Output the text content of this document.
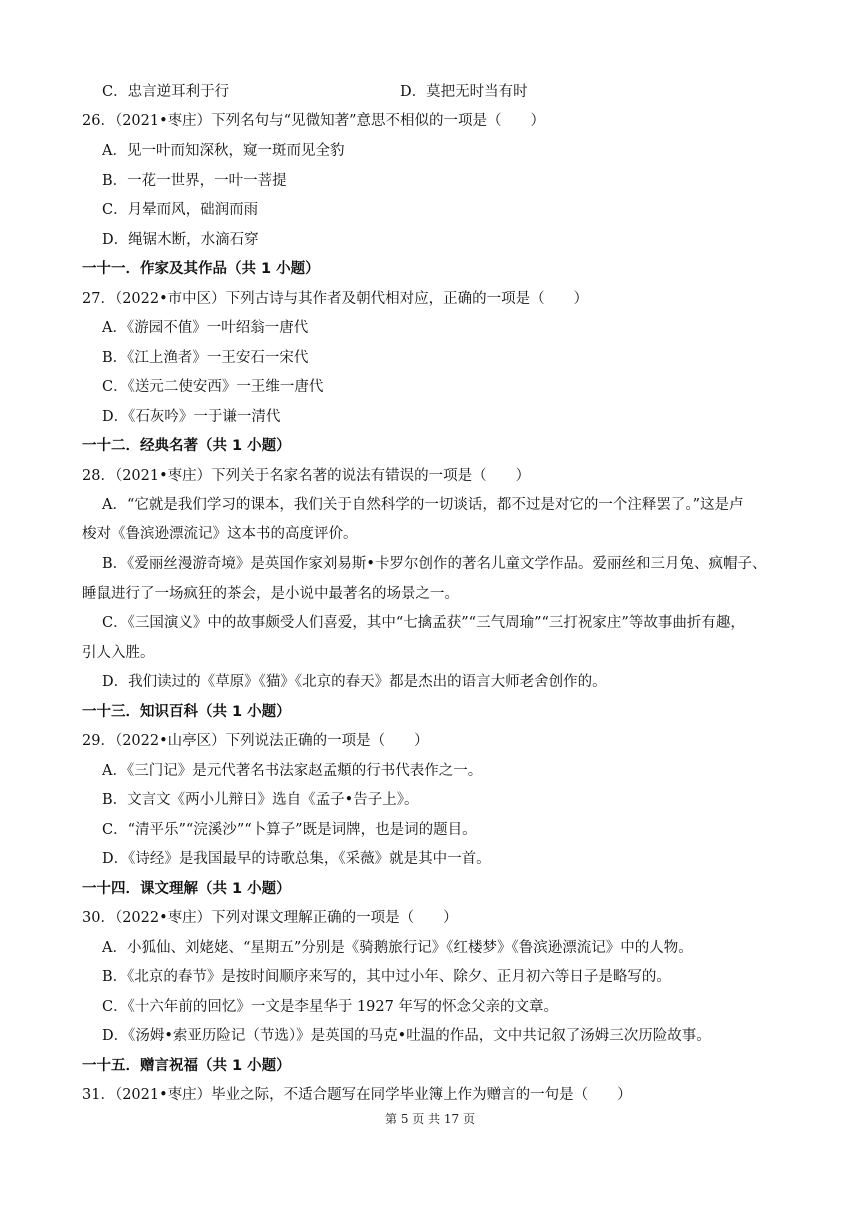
C．忠言逆耳利于行	D．莫把无时当有时
26．（2021•枣庄）下列名句与“见微知著”意思不相似的一项是（　　）
A．见一叶而知深秋，窥一斑而见全豹
B．一花一世界，一叶一菩提
C．月晕而风，础润而雨
D．绳锯木断，水滴石穿
一十一．作家及其作品（共 1 小题）
27．（2022•市中区）下列古诗与其作者及朝代相对应，正确的一项是（　　）
A．《游园不值》一叶绍翁一唐代
B．《江上渔者》一王安石一宋代
C．《送元二使安西》一王维一唐代
D．《石灰吟》一于谦一清代
一十二．经典名著（共 1 小题）
28．（2021•枣庄）下列关于名家名著的说法有错误的一项是（　　）
A．“它就是我们学习的课本，我们关于自然科学的一切谈话，都不过是对它的一个注释罢了。”这是卢
梭对《鲁滨逊漂流记》这本书的高度评价。
B．《爱丽丝漫游奇境》是英国作家刘易斯•卡罗尔创作的著名儿童文学作品。爱丽丝和三月兔、疯帽子、
睡鼠进行了一场疯狂的茶会，是小说中最著名的场景之一。
C．《三国演义》中的故事颇受人们喜爱，其中“七擒孟获”“三气周瑜”“三打祝家庄”等故事曲折有趣，
引人入胜。
D．我们读过的《草原》《猫》《北京的春天》都是杰出的语言大师老舍创作的。
一十三．知识百科（共 1 小题）
29．（2022•山亭区）下列说法正确的一项是（　　）
A．《三门记》是元代著名书法家赵孟頫的行书代表作之一。
B．文言文《两小儿辩日》选自《孟子•告子上》。
C．“清平乐”“浣溪沙”“卜算子”既是词牌，也是词的题目。
D．《诗经》是我国最早的诗歌总集，《采薇》就是其中一首。
一十四．课文理解（共 1 小题）
30．（2022•枣庄）下列对课文理解正确的一项是（　　）
A．小狐仙、刘姥姥、“星期五”分别是《骑鹅旅行记》《红楼梦》《鲁滨逊漂流记》中的人物。
B．《北京的春节》是按时间顺序来写的，其中过小年、除夕、正月初六等日子是略写的。
C．《十六年前的回忆》一文是李星华于 1927 年写的怀念父亲的文章。
D．《汤姆•索亚历险记（节选）》是英国的马克•吐温的作品，文中共记叙了汤姆三次历险故事。
一十五．赠言祝福（共 1 小题）
31．（2021•枣庄）毕业之际，不适合题写在同学毕业簿上作为赠言的一句是（　　）
第 5 页 共 17 页
